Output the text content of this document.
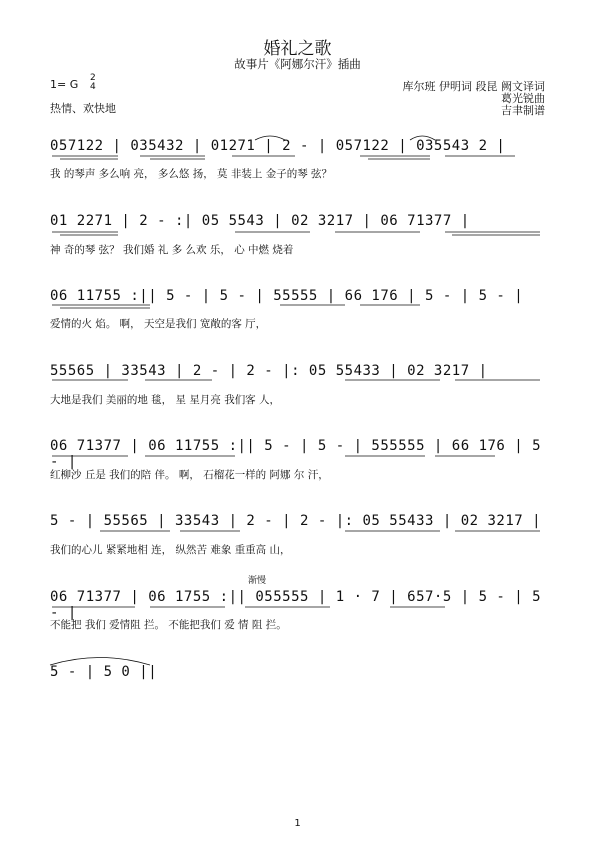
婚礼之歌
故事片《阿娜尔汗》插曲
1= G 2
4
热情、欢快地
库尔班 伊明词 段昆 阙文译词
葛光锐曲
吉聿制谱
057122 | 035432 | 01271 | 2 - | 057122 | 035543 2 |
我 的琴声 多么响 亮， 多么悠 扬， 莫 非装上 金子的琴 弦？
01 2271 | 2 - :| 05 5543 | 02 3217 | 06 71377 |
神 奇的琴 弦？ 我们婚 礼 多 么欢 乐， 心 中燃 烧着
06 11755 :|| 5 - | 5 - | 55555 | 66 176 | 5 - | 5 - |
爱情的火 焰。 啊， 天空是我们 宽敞的客 厅，
55565 | 33543 | 2 - | 2 - |: 05 55433 | 02 3217 |
大地是我们 美丽的地 毯， 星 星月亮 我们客 人，
06 71377 | 06 11755 :|| 5 - | 5 - | 555555 | 66 176 | 5 - |
红柳沙 丘是 我们的陪 伴。 啊， 石榴花一样的 阿娜 尔 汗，
5 - | 55565 | 33543 | 2 - | 2 - |: 05 55433 | 02 3217 |
我们的心儿 紧紧地相 连， 纵然苦 难象 重重高 山，
渐慢
06 71377 | 06 1755 :|| 055555 | 1 · 7 | 657·5 | 5 - | 5 - |
不能把 我们 爱情阻 拦。 不能把我们 爱 情 阻 拦。
5 - | 5 0 ||
1
